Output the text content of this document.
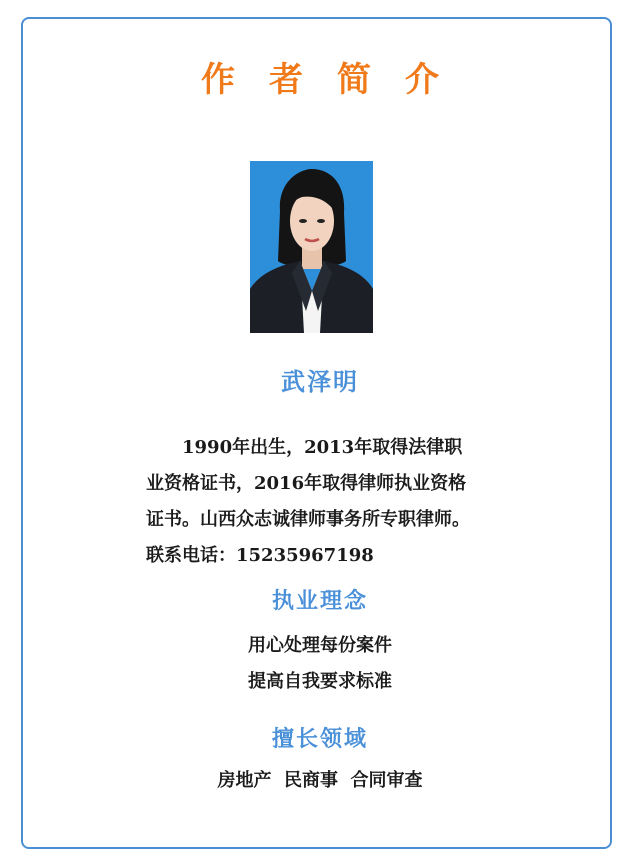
作者简介
武泽明

1990年出生，2013年取得法律职

业资格证书，2016年取得律师执业资格

证书。山西众志诚律师事务所专职律师。

联系电话：15235967198

执业理念

用心处理每份案件

提高自我要求标准

擅长领域
房地产  民商事  合同审查
